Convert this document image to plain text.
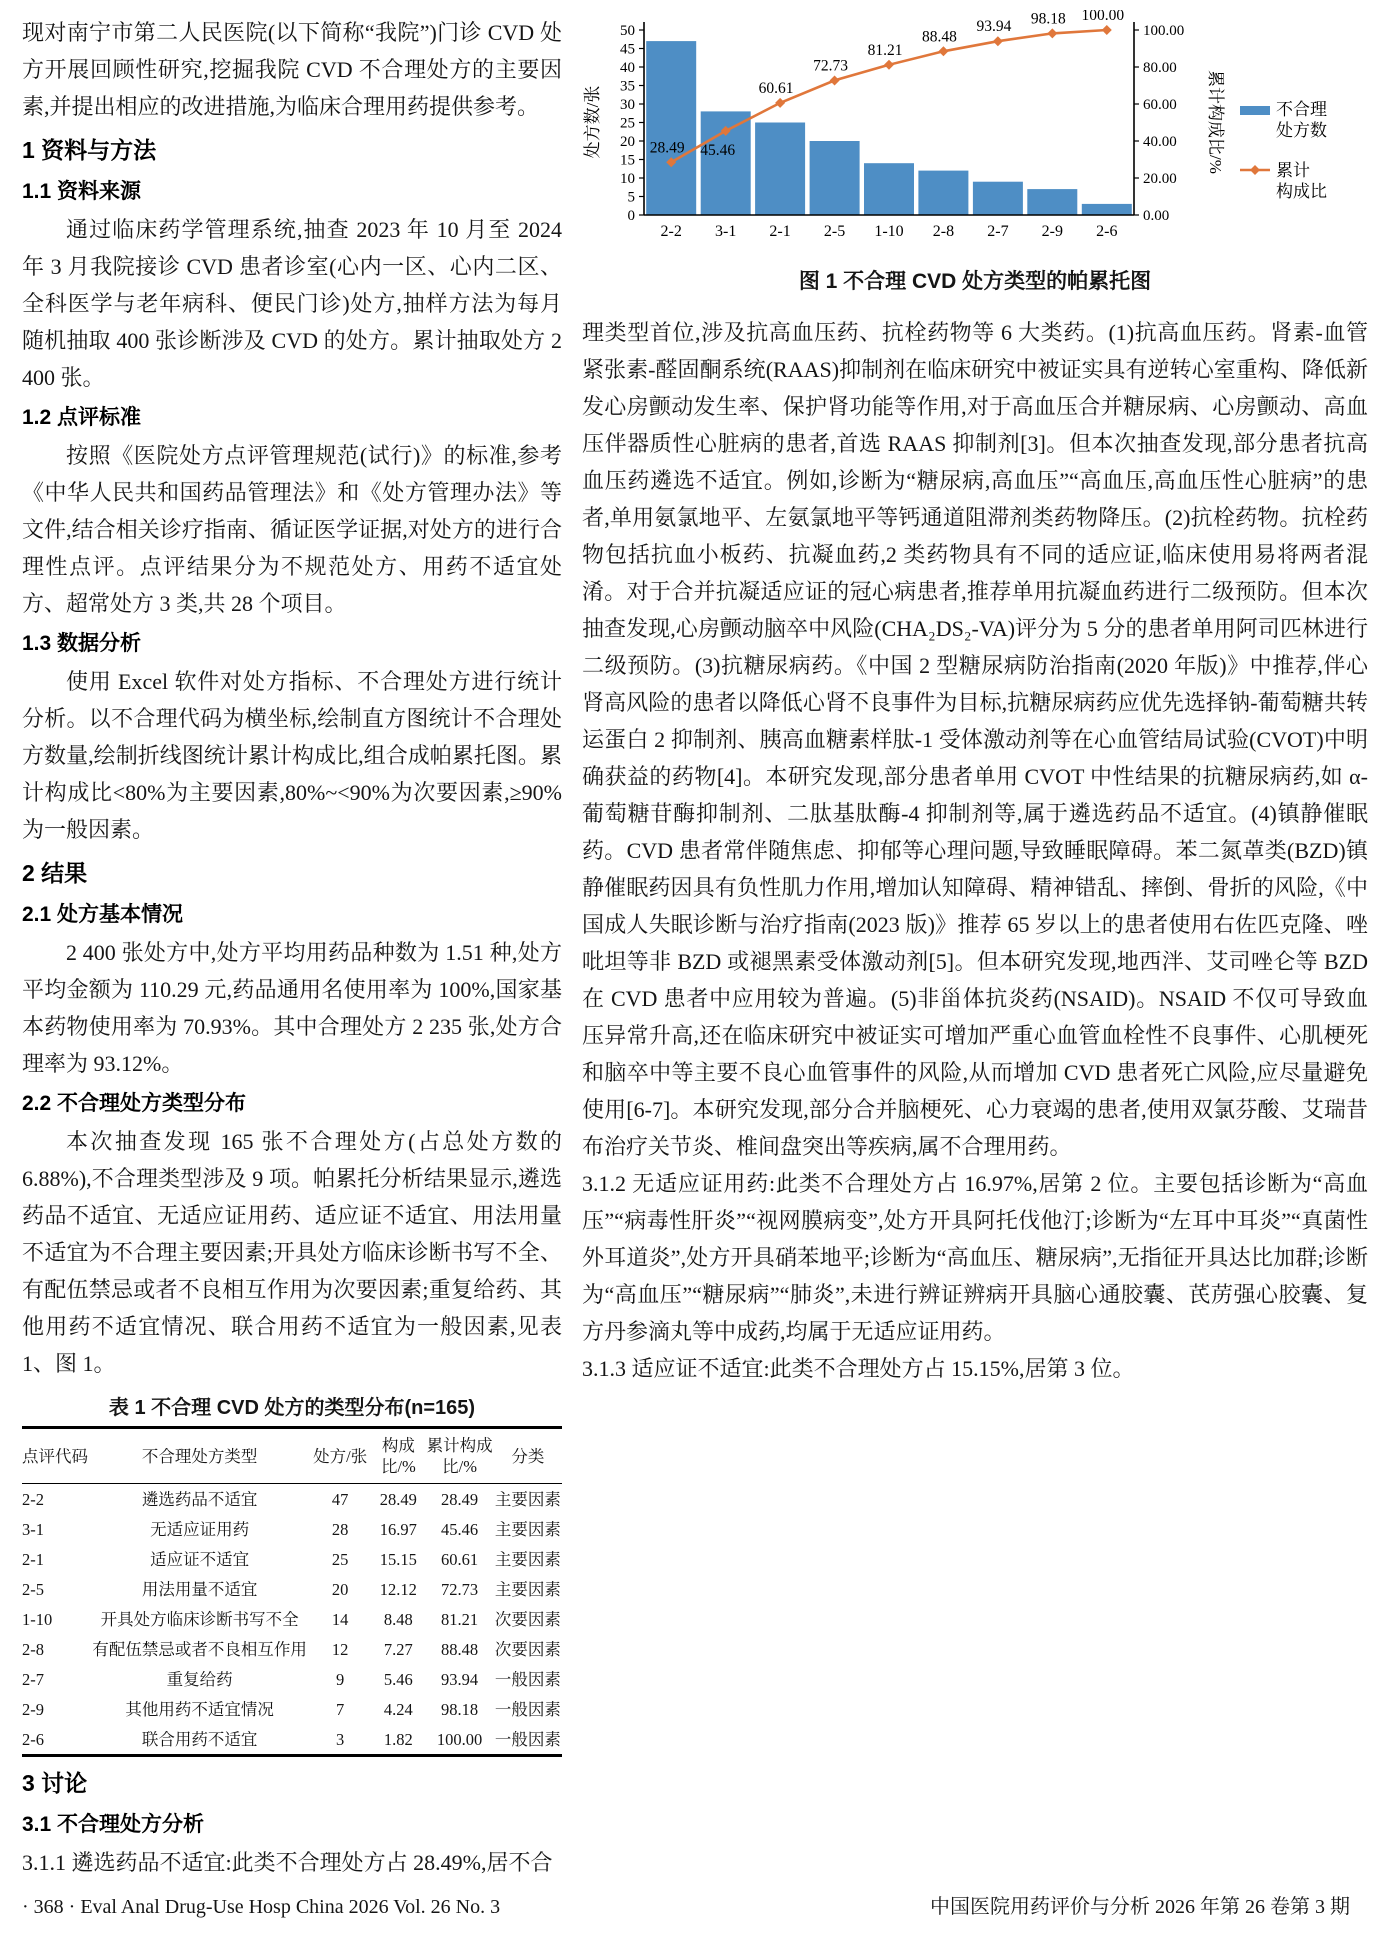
现对南宁市第二人民医院(以下简称“我院”)门诊 CVD 处方开展回顾性研究,挖掘我院 CVD 不合理处方的主要因素,并提出相应的改进措施,为临床合理用药提供参考。

1 资料与方法
1.1 资料来源

通过临床药学管理系统,抽查 2023 年 10 月至 2024 年 3 月我院接诊 CVD 患者诊室(心内一区、心内二区、全科医学与老年病科、便民门诊)处方,抽样方法为每月随机抽取 400 张诊断涉及 CVD 的处方。累计抽取处方 2 400 张。

1.2 点评标准

按照《医院处方点评管理规范(试行)》的标准,参考《中华人民共和国药品管理法》和《处方管理办法》等文件,结合相关诊疗指南、循证医学证据,对处方的进行合理性点评。点评结果分为不规范处方、用药不适宜处方、超常处方 3 类,共 28 个项目。

1.3 数据分析

使用 Excel 软件对处方指标、不合理处方进行统计分析。以不合理代码为横坐标,绘制直方图统计不合理处方数量,绘制折线图统计累计构成比,组合成帕累托图。累计构成比<80%为主要因素,80%~<90%为次要因素,≥90%为一般因素。

2 结果
2.1 处方基本情况

2 400 张处方中,处方平均用药品种数为 1.51 种,处方平均金额为 110.29 元,药品通用名使用率为 100%,国家基本药物使用率为 70.93%。其中合理处方 2 235 张,处方合理率为 93.12%。

2.2 不合理处方类型分布

本次抽查发现 165 张不合理处方(占总处方数的 6.88%),不合理类型涉及 9 项。帕累托分析结果显示,遴选药品不适宜、无适应证用药、适应证不适宜、用法用量不适宜为不合理主要因素;开具处方临床诊断书写不全、有配伍禁忌或者不良相互作用为次要因素;重复给药、其他用药不适宜情况、联合用药不适宜为一般因素,见表 1、图 1。

表 1 不合理 CVD 处方的类型分布(n=165)
点评代码	不合理处方类型	处方/张	构成比/%	累计构成比/%	分类
2-2	遴选药品不适宜	47	28.49	28.49	主要因素
3-1	无适应证用药	28	16.97	45.46	主要因素
2-1	适应证不适宜	25	15.15	60.61	主要因素
2-5	用法用量不适宜	20	12.12	72.73	主要因素
1-10	开具处方临床诊断书写不全	14	8.48	81.21	次要因素
2-8	有配伍禁忌或者不良相互作用	12	7.27	88.48	次要因素
2-7	重复给药	9	5.46	93.94	一般因素
2-9	其他用药不适宜情况	7	4.24	98.18	一般因素
2-6	联合用药不适宜	3	1.82	100.00	一般因素
3 讨论
3.1 不合理处方分析

3.1.1 遴选药品不适宜:此类不合理处方占 28.49%,居不合

0
5
10
15
20
25
30
35
40
45
50
0.00
20.00
40.00
60.00
80.00
100.00
2-2 3-1 2-1 2-5 1-10 2-8 2-7 2-9 2-6
28.49 45.46
60.61
72.73
81.21
88.48
93.94 98.18 100.00
处方数/张	累计构成比/%	不合理
处方数
累计
构成比
图 1 不合理 CVD 处方类型的帕累托图

理类型首位,涉及抗高血压药、抗栓药物等 6 大类药。(1)抗高血压药。肾素-血管紧张素-醛固酮系统(RAAS)抑制剂在临床研究中被证实具有逆转心室重构、降低新发心房颤动发生率、保护肾功能等作用,对于高血压合并糖尿病、心房颤动、高血压伴器质性心脏病的患者,首选 RAAS 抑制剂[3]。但本次抽查发现,部分患者抗高血压药遴选不适宜。例如,诊断为“糖尿病,高血压”“高血压,高血压性心脏病”的患者,单用氨氯地平、左氨氯地平等钙通道阻滞剂类药物降压。(2)抗栓药物。抗栓药物包括抗血小板药、抗凝血药,2 类药物具有不同的适应证,临床使用易将两者混淆。对于合并抗凝适应证的冠心病患者,推荐单用抗凝血药进行二级预防。但本次抽查发现,心房颤动脑卒中风险(CHA₂DS₂-VA)评分为 5 分的患者单用阿司匹林进行二级预防。(3)抗糖尿病药。《中国 2 型糖尿病防治指南(2020 年版)》中推荐,伴心肾高风险的患者以降低心肾不良事件为目标,抗糖尿病药应优先选择钠-葡萄糖共转运蛋白 2 抑制剂、胰高血糖素样肽-1 受体激动剂等在心血管结局试验(CVOT)中明确获益的药物[4]。本研究发现,部分患者单用 CVOT 中性结果的抗糖尿病药,如 α-葡萄糖苷酶抑制剂、二肽基肽酶-4 抑制剂等,属于遴选药品不适宜。(4)镇静催眠药。CVD 患者常伴随焦虑、抑郁等心理问题,导致睡眠障碍。苯二氮䓬类(BZD)镇静催眠药因具有负性肌力作用,增加认知障碍、精神错乱、摔倒、骨折的风险,《中国成人失眠诊断与治疗指南(2023 版)》推荐 65 岁以上的患者使用右佐匹克隆、唑吡坦等非 BZD 或褪黑素受体激动剂[5]。但本研究发现,地西泮、艾司唑仑等 BZD 在 CVD 患者中应用较为普遍。(5)非甾体抗炎药(NSAID)。NSAID 不仅可导致血压异常升高,还在临床研究中被证实可增加严重心血管血栓性不良事件、心肌梗死和脑卒中等主要不良心血管事件的风险,从而增加 CVD 患者死亡风险,应尽量避免使用[6-7]。本研究发现,部分合并脑梗死、心力衰竭的患者,使用双氯芬酸、艾瑞昔布治疗关节炎、椎间盘突出等疾病,属不合理用药。

3.1.2 无适应证用药:此类不合理处方占 16.97%,居第 2 位。主要包括诊断为“高血压”“病毒性肝炎”“视网膜病变”,处方开具阿托伐他汀;诊断为“左耳中耳炎”“真菌性外耳道炎”,处方开具硝苯地平;诊断为“高血压、糖尿病”,无指征开具达比加群;诊断为“高血压”“糖尿病”“肺炎”,未进行辨证辨病开具脑心通胶囊、芪苈强心胶囊、复方丹参滴丸等中成药,均属于无适应证用药。

3.1.3 适应证不适宜:此类不合理处方占 15.15%,居第 3 位。

· 368 · Eval Anal Drug-Use Hosp China 2026 Vol. 26 No. 3	中国医院用药评价与分析 2026 年第 26 卷第 3 期
